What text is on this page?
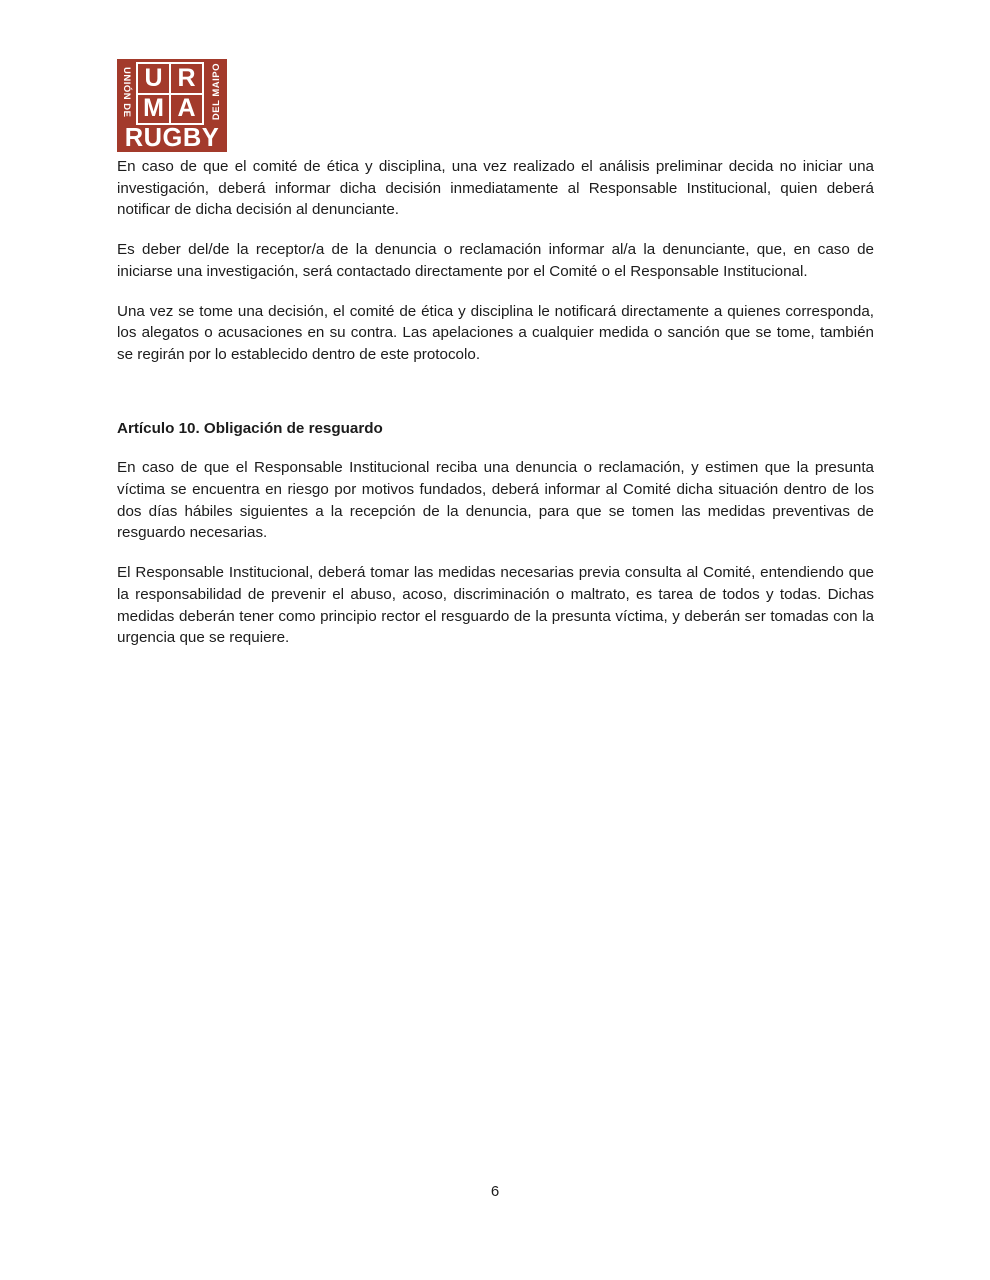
UNIÓN DE U R
M A	DEL MAIPO
RUGBY

En caso de que el comité de ética y disciplina, una vez realizado el análisis preliminar decida no iniciar una investigación, deberá informar dicha decisión inmediatamente al Responsable Institucional, quien deberá notificar de dicha decisión al denunciante.

Es deber del/de la receptor/a de la denuncia o reclamación informar al/a la denunciante, que, en caso de iniciarse una investigación, será contactado directamente por el Comité o el Responsable Institucional.

Una vez se tome una decisión, el comité de ética y disciplina le notificará directamente a quienes corresponda, los alegatos o acusaciones en su contra. Las apelaciones a cualquier medida o sanción que se tome, también se regirán por lo establecido dentro de este protocolo.

Artículo 10. Obligación de resguardo

En caso de que el Responsable Institucional reciba una denuncia o reclamación, y estimen que la presunta víctima se encuentra en riesgo por motivos fundados, deberá informar al Comité dicha situación dentro de los dos días hábiles siguientes a la recepción de la denuncia, para que se tomen las medidas preventivas de resguardo necesarias.

El Responsable Institucional, deberá tomar las medidas necesarias previa consulta al Comité, entendiendo que la responsabilidad de prevenir el abuso, acoso, discriminación o maltrato, es tarea de todos y todas. Dichas medidas deberán tener como principio rector el resguardo de la presunta víctima, y deberán ser tomadas con la urgencia que se requiere.

6
